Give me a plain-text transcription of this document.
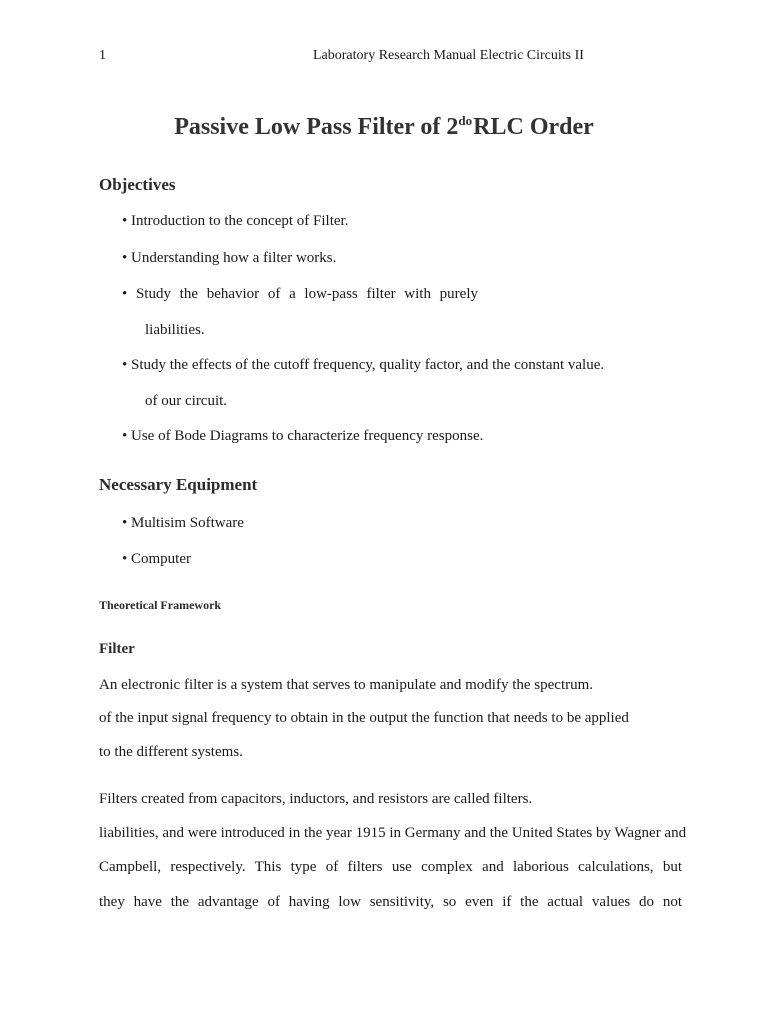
1	Laboratory Research Manual Electric Circuits II
Passive Low Pass Filter of $2^{do}RLC$ Order
Objectives
• Introduction to the concept of Filter.
• Understanding how a filter works.
• Study the behavior of a low-pass filter with purely
liabilities.
• Study the effects of the cutoff frequency, quality factor, and the constant value.
of our circuit.
• Use of Bode Diagrams to characterize frequency response.
Necessary Equipment
• Multisim Software
• Computer
Theoretical Framework
Filter
An electronic filter is a system that serves to manipulate and modify the spectrum.
of the input signal frequency to obtain in the output the function that needs to be applied
to the different systems.
Filters created from capacitors, inductors, and resistors are called filters.
liabilities, and were introduced in the year 1915 in Germany and the United States by Wagner and
Campbell, respectively. This type of filters use complex and laborious calculations, but
they have the advantage of having low sensitivity, so even if the actual values do not
